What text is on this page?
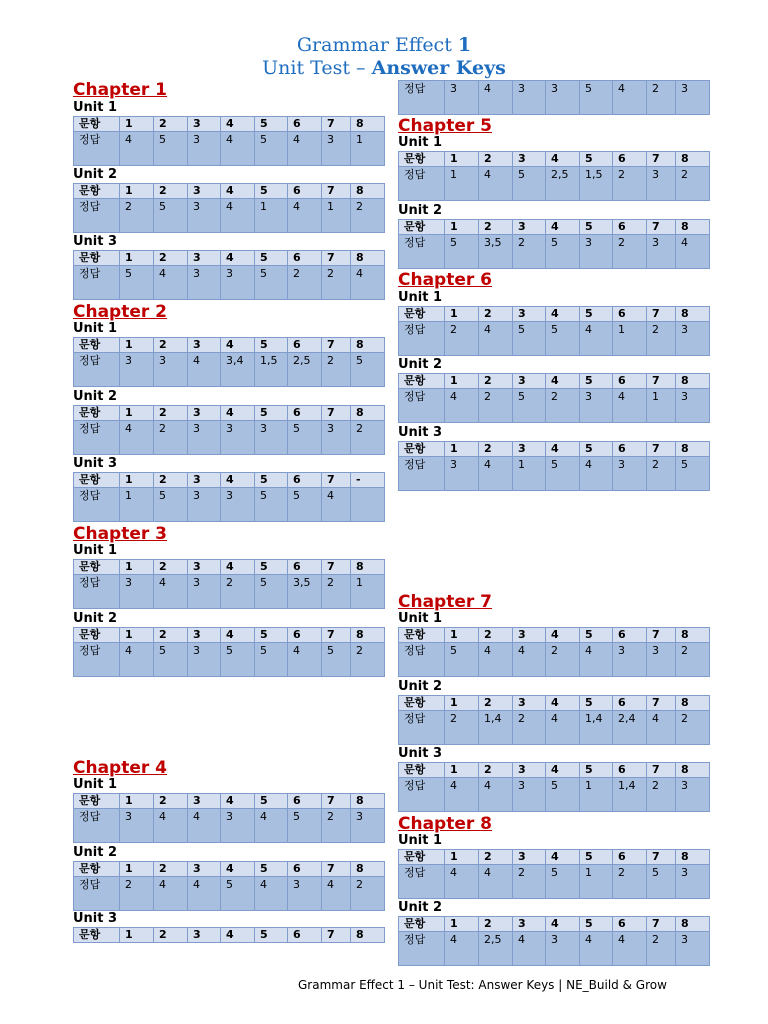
Grammar Effect 1
Unit Test – Answer Keys
Chapter 1
Unit 1
문항	1	2	3	4	5	6	7	8
정답	4	5	3	4	5	4	3	1
Unit 2
문항	1	2	3	4	5	6	7	8
정답	2	5	3	4	1	4	1	2
Unit 3
문항	1	2	3	4	5	6	7	8
정답	5	4	3	3	5	2	2	4
Chapter 2
Unit 1
문항	1	2	3	4	5	6	7	8
정답	3	3	4	3,4	1,5	2,5	2	5
Unit 2
문항	1	2	3	4	5	6	7	8
정답	4	2	3	3	3	5	3	2
Unit 3
문항	1	2	3	4	5	6	7	-
정답	1	5	3	3	5	5	4	
Chapter 3
Unit 1
문항	1	2	3	4	5	6	7	8
정답	3	4	3	2	5	3,5	2	1
Unit 2
문항	1	2	3	4	5	6	7	8
정답	4	5	3	5	5	4	5	2
Chapter 4
Unit 1
문항	1	2	3	4	5	6	7	8
정답	3	4	4	3	4	5	2	3
Unit 2
문항	1	2	3	4	5	6	7	8
정답	2	4	4	5	4	3	4	2
Unit 3
문항	1	2	3	4	5	6	7	8
정답	3	4	3	3	5	4	2	3
Chapter 5
Unit 1
문항	1	2	3	4	5	6	7	8
정답	1	4	5	2,5	1,5	2	3	2
Unit 2
문항	1	2	3	4	5	6	7	8
정답	5	3,5	2	5	3	2	3	4
Chapter 6
Unit 1
문항	1	2	3	4	5	6	7	8
정답	2	4	5	5	4	1	2	3
Unit 2
문항	1	2	3	4	5	6	7	8
정답	4	2	5	2	3	4	1	3
Unit 3
문항	1	2	3	4	5	6	7	8
정답	3	4	1	5	4	3	2	5
Chapter 7
Unit 1
문항	1	2	3	4	5	6	7	8
정답	5	4	4	2	4	3	3	2
Unit 2
문항	1	2	3	4	5	6	7	8
정답	2	1,4	2	4	1,4	2,4	4	2
Unit 3
문항	1	2	3	4	5	6	7	8
정답	4	4	3	5	1	1,4	2	3
Chapter 8
Unit 1
문항	1	2	3	4	5	6	7	8
정답	4	4	2	5	1	2	5	3
Unit 2
문항	1	2	3	4	5	6	7	8
정답	4	2,5	4	3	4	4	2	3
Grammar Effect 1 – Unit Test: Answer Keys | NE_Build & Grow
